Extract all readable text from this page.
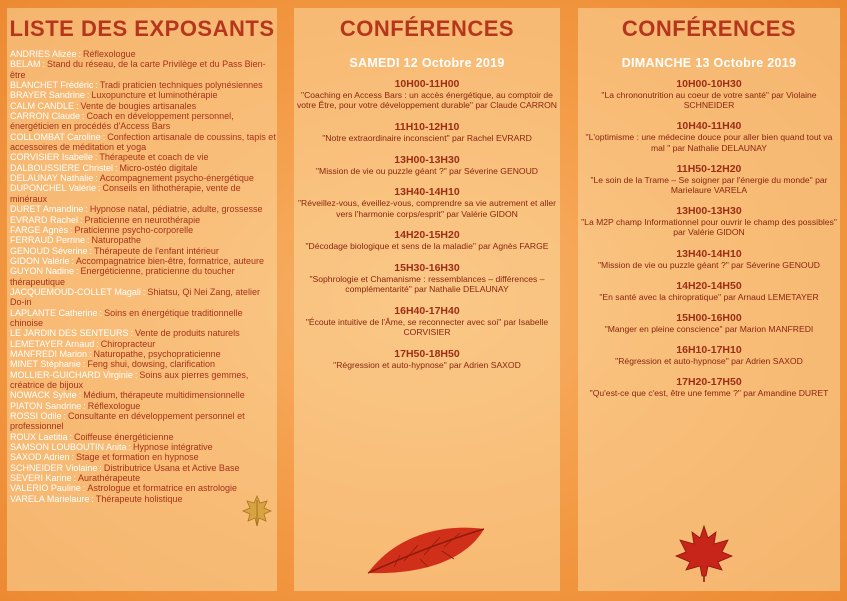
LISTE DES EXPOSANTS
ANDRIES Alizée : Réflexologue
BELAM : Stand du réseau, de la carte Privilège et du Pass Bien-être
BLANCHET Frédéric : Tradi praticien techniques polynésiennes
BRAYER Sandrine : Luxopuncture et luminothérapie
CALM CANDLE : Vente de bougies artisanales
CARRON Claude : Coach en développement personnel, énergéticien en procédés d'Access Bars
COLLOMBAT Caroline : Confection artisanale de coussins, tapis et accessoires de méditation et yoga
CORVISIER Isabelle : Thérapeute et coach de vie
DALBOUSSIERE Christel : Micro-ostéo digitale
DELAUNAY Nathalie : Accompagnement psycho-énergétique
DUPONCHEL Valérie : Conseils en lithothérapie, vente de minéraux
DURET Amandine : Hypnose natal, pédiatrie, adulte, grossesse
EVRARD Rachel : Praticienne en neurothérapie
FARGE Agnès : Praticienne psycho-corporelle
FERRAUD Perrine : Naturopathe
GENOUD Séverine : Thérapeute de l'enfant intérieur
GIDON Valérie : Accompagnatrice bien-être, formatrice, auteure
GUYON Nadine : Energéticienne, praticienne du toucher thérapeutique
JACQUEMOUD-COLLET Magali : Shiatsu, Qi Nei Zang, atelier Do-in
LAPLANTE Catherine : Soins en énergétique traditionnelle chinoise
LE JARDIN DES SENTEURS : Vente de produits naturels
LEMETAYER Arnaud : Chiropracteur
MANFREDI Marion : Naturopathe, psychopraticienne
MINET Stéphanie : Feng shui, dowsing, clarification
MOLLIER-GUICHARD Virginie : Soins aux pierres gemmes, créatrice de bijoux
NOWACK Sylvie : Médium, thérapeute multidimensionnelle
PIATON Sandrine : Réflexologue
ROSSI Odile : Consultante en développement personnel et professionnel
ROUX Laetitia : Coiffeuse énergéticienne
SAMSON LOUBOUTIN Anita : Hypnose intégrative
SAXOD Adrien : Stage et formation en hypnose
SCHNEIDER Violaine : Distributrice Usana et Active Base
SEVERI Karine : Aurathérapeute
VALERIO Pauline : Astrologue et formatrice en astrologie
VARELA Marielaure : Thérapeute holistique
CONFÉRENCES
SAMEDI 12 Octobre 2019
10H00-11H00
"Coaching en Access Bars : un accès énergétique, au comptoir de votre Être, pour votre développement durable" par Claude CARRON
11H10-12H10
"Notre extraordinaire inconscient" par Rachel EVRARD
13H00-13H30
"Mission de vie ou puzzle géant ?" par Séverine GENOUD
13H40-14H10
"Réveillez-vous, éveillez-vous, comprendre sa vie autrement et aller vers l'harmonie corps/esprit" par Valérie GIDON
14H20-15H20
"Décodage biologique et sens de la maladie" par Agnès FARGE
15H30-16H30
"Sophrologie et Chamanisme : ressemblances – différences – complémentarité" par Nathalie DELAUNAY
16H40-17H40
"Écoute intuitive de l'Âme, se reconnecter avec soi" par Isabelle CORVISIER
17H50-18H50
"Régression et auto-hypnose" par Adrien SAXOD
CONFÉRENCES
DIMANCHE 13 Octobre 2019
10H00-10H30
"La chrononutrition au coeur de votre santé" par Violaine SCHNEIDER
10H40-11H40
"L'optimisme : une médecine douce pour aller bien quand tout va mal " par Nathalie DELAUNAY
11H50-12H20
"Le soin de la Trame – Se soigner par l'énergie du monde" par Marielaure VARELA
13H00-13H30
"La M2P champ Informationnel pour ouvrir le champ des possibles" par Valérie GIDON
13H40-14H10
"Mission de vie ou puzzle géant ?" par Séverine GENOUD
14H20-14H50
"En santé avec la chiropratique" par Arnaud LEMETAYER
15H00-16H00
"Manger en pleine conscience" par Marion MANFREDI
16H10-17H10
"Régression et auto-hypnose" par Adrien SAXOD
17H20-17H50
"Qu'est-ce que c'est, être une femme ?" par Amandine DURET
